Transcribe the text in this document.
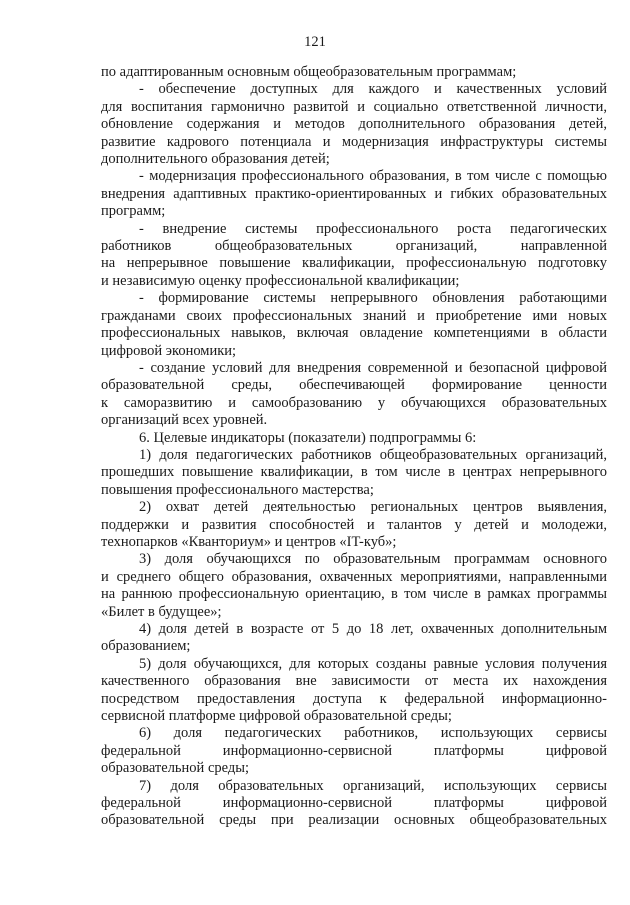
121
по адаптированным основным общеобразовательным программам;
- обеспечение доступных для каждого и качественных условий
для воспитания гармонично развитой и социально ответственной личности,
обновление содержания и методов дополнительного образования детей,
развитие кадрового потенциала и модернизация инфраструктуры системы
дополнительного образования детей;
- модернизация профессионального образования, в том числе с помощью
внедрения адаптивных практико-ориентированных и гибких образовательных
программ;
- внедрение системы профессионального роста педагогических
работников общеобразовательных организаций, направленной
на непрерывное повышение квалификации, профессиональную подготовку
и независимую оценку профессиональной квалификации;
- формирование системы непрерывного обновления работающими
гражданами своих профессиональных знаний и приобретение ими новых
профессиональных навыков, включая овладение компетенциями в области
цифровой экономики;
- создание условий для внедрения современной и безопасной цифровой
образовательной среды, обеспечивающей формирование ценности
к саморазвитию и самообразованию у обучающихся образовательных
организаций всех уровней.
6. Целевые индикаторы (показатели) подпрограммы 6:
1) доля педагогических работников общеобразовательных организаций,
прошедших повышение квалификации, в том числе в центрах непрерывного
повышения профессионального мастерства;
2) охват детей деятельностью региональных центров выявления,
поддержки и развития способностей и талантов у детей и молодежи,
технопарков «Кванториум» и центров «IT-куб»;
3) доля обучающихся по образовательным программам основного
и среднего общего образования, охваченных мероприятиями, направленными
на раннюю профессиональную ориентацию, в том числе в рамках программы
«Билет в будущее»;
4) доля детей в возрасте от 5 до 18 лет, охваченных дополнительным
образованием;
5) доля обучающихся, для которых созданы равные условия получения
качественного образования вне зависимости от места их нахождения
посредством предоставления доступа к федеральной информационно-
сервисной платформе цифровой образовательной среды;
6) доля педагогических работников, использующих сервисы
федеральной информационно-сервисной платформы цифровой
образовательной среды;
7) доля образовательных организаций, использующих сервисы
федеральной информационно-сервисной платформы цифровой
образовательной среды при реализации основных общеобразовательных
